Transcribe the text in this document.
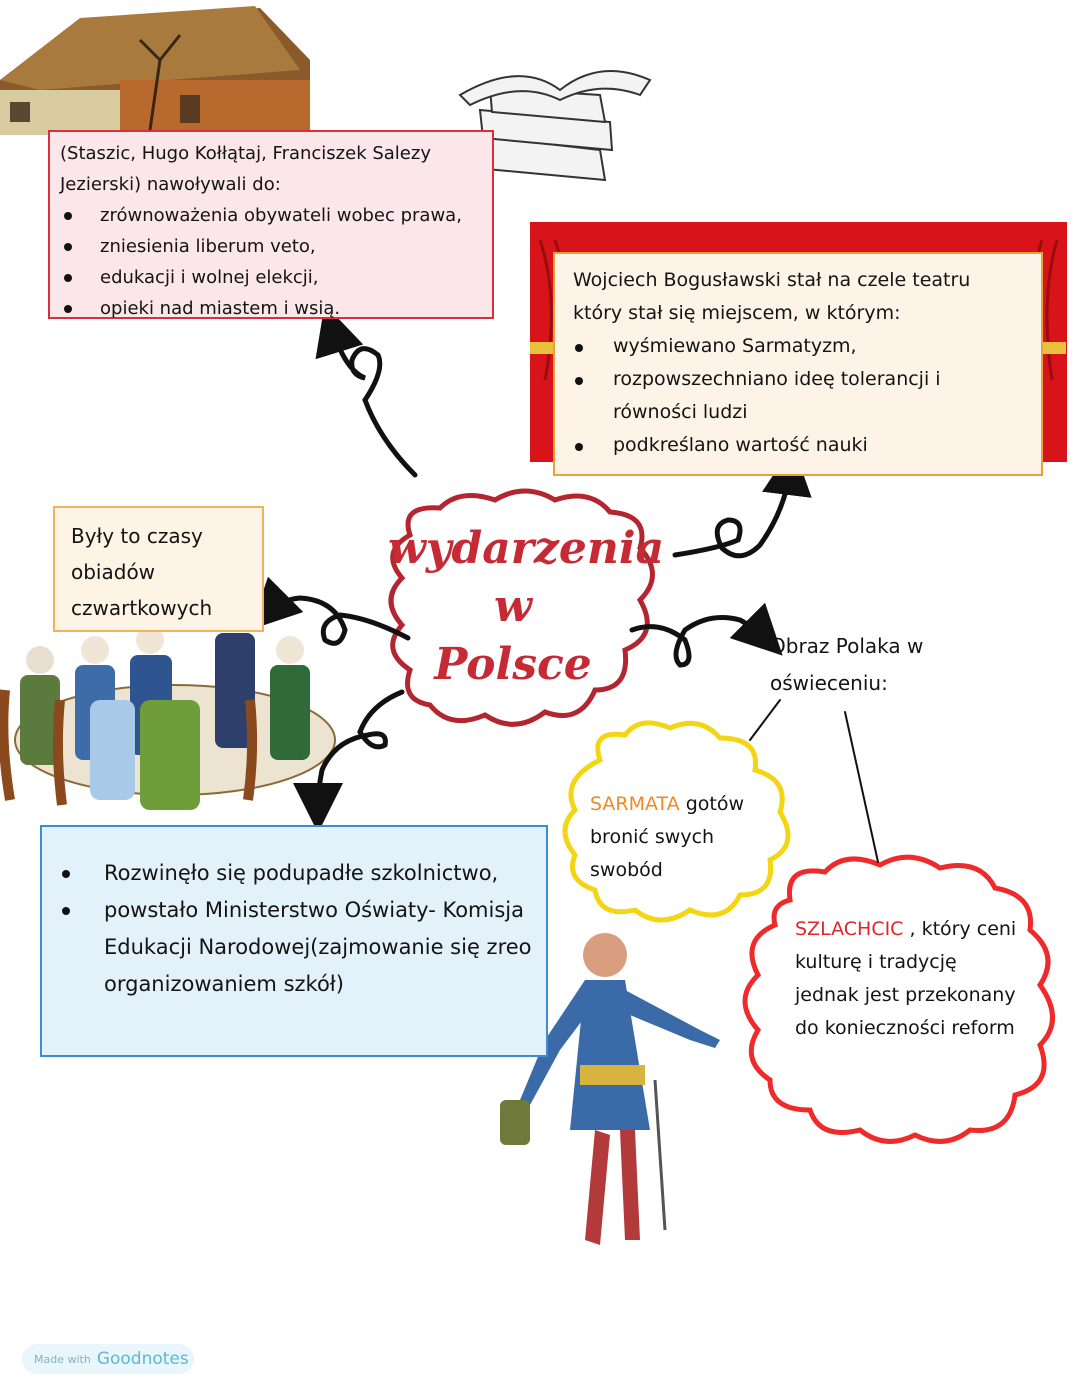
(Staszic, Hugo Kołłątaj, Franciszek Salezy Jezierski) nawoływali do:
zrównoważenia obywateli wobec prawa,
zniesienia liberum veto,
edukacji i wolnej elekcji,
opieki nad miastem i wsią.
Wojciech Bogusławski stał na czele teatru który stał się miejscem, w którym:
wyśmiewano Sarmatyzm,
rozpowszechniano ideę tolerancji i równości ludzi
podkreślano wartość nauki
Były to czasy obiadów czwartkowych
wydarzenia
w
Polsce	Obraz Polaka w oświeceniu:
SARMATA gotów bronić swych swobód
SZLACHCIC , który ceni kulturę i tradycję jednak jest przekonany do konieczności reform
Rozwinęło się podupadłe szkolnictwo,
powstało Ministerstwo Oświaty- Komisja Edukacji Narodowej(zajmowanie się zreo organizowaniem szkół)
Made with Goodnotes
